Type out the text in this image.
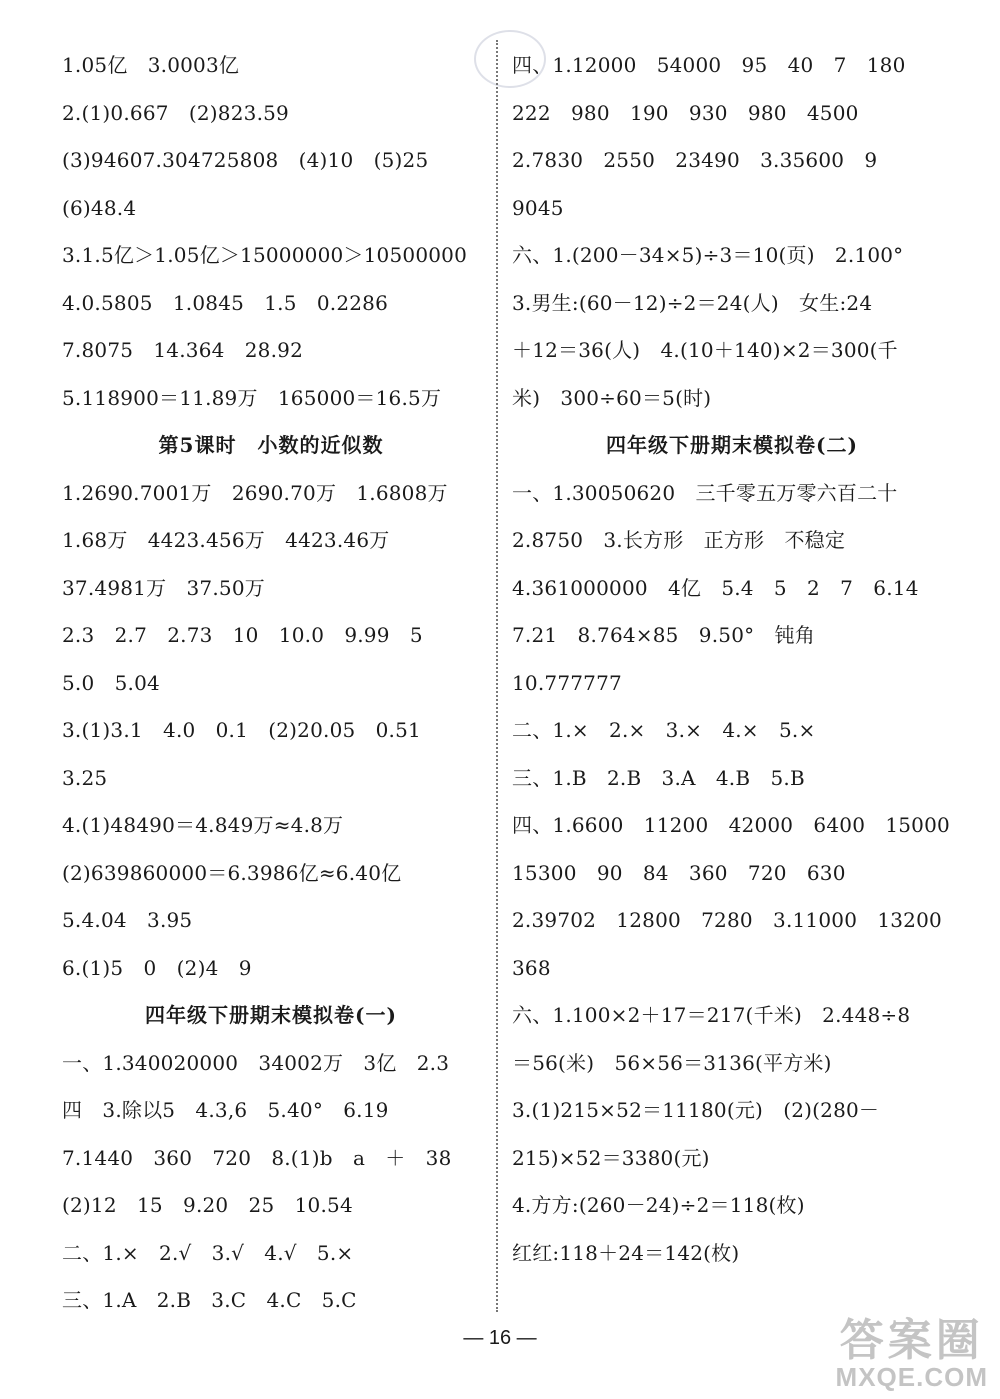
1.05亿　3.0003亿
2.(1)0.667　(2)823.59
(3)94607.304725808　(4)10　(5)25
(6)48.4
3.1.5亿＞1.05亿＞15000000＞10500000
4.0.5805　1.0845　1.5　0.2286
7.8075　14.364　28.92
5.118900＝11.89万　165000＝16.5万
第5课时　小数的近似数
1.2690.7001万　2690.70万　1.6808万
1.68万　4423.456万　4423.46万
37.4981万　37.50万
2.3　2.7　2.73　10　10.0　9.99　5
5.0　5.04
3.(1)3.1　4.0　0.1　(2)20.05　0.51
3.25
4.(1)48490＝4.849万≈4.8万
(2)639860000＝6.3986亿≈6.40亿
5.4.04　3.95
6.(1)5　0　(2)4　9
四年级下册期末模拟卷(一)
一、1.340020000　34002万　3亿　2.3
四　3.除以5　4.3,6　5.40°　6.19
7.1440　360　720　8.(1)b　a　＋　38
(2)12　15　9.20　25　10.54
二、1.×　2.√　3.√　4.√　5.×
三、1.A　2.B　3.C　4.C　5.C
四、1.12000　54000　95　40　7　180
222　980　190　930　980　4500
2.7830　2550　23490　3.35600　9
9045
六、1.(200－34×5)÷3＝10(页)　2.100°
3.男生:(60－12)÷2＝24(人)　女生:24
＋12＝36(人)　4.(10＋140)×2＝300(千
米)　300÷60＝5(时)
四年级下册期末模拟卷(二)
一、1.30050620　三千零五万零六百二十
2.8750　3.长方形　正方形　不稳定
4.361000000　4亿　5.4　5　2　7　6.14
7.21　8.764×85　9.50°　钝角
10.777777
二、1.×　2.×　3.×　4.×　5.×
三、1.B　2.B　3.A　4.B　5.B
四、1.6600　11200　42000　6400　15000
15300　90　84　360　720　630
2.39702　12800　7280　3.11000　13200
368
六、1.100×2＋17＝217(千米)　2.448÷8
＝56(米)　56×56＝3136(平方米)
3.(1)215×52＝11180(元)　(2)(280－
215)×52＝3380(元)
4.方方:(260－24)÷2＝118(枚)
红红:118＋24＝142(枚)
— 16 —	答案圈
MXQE.COM
